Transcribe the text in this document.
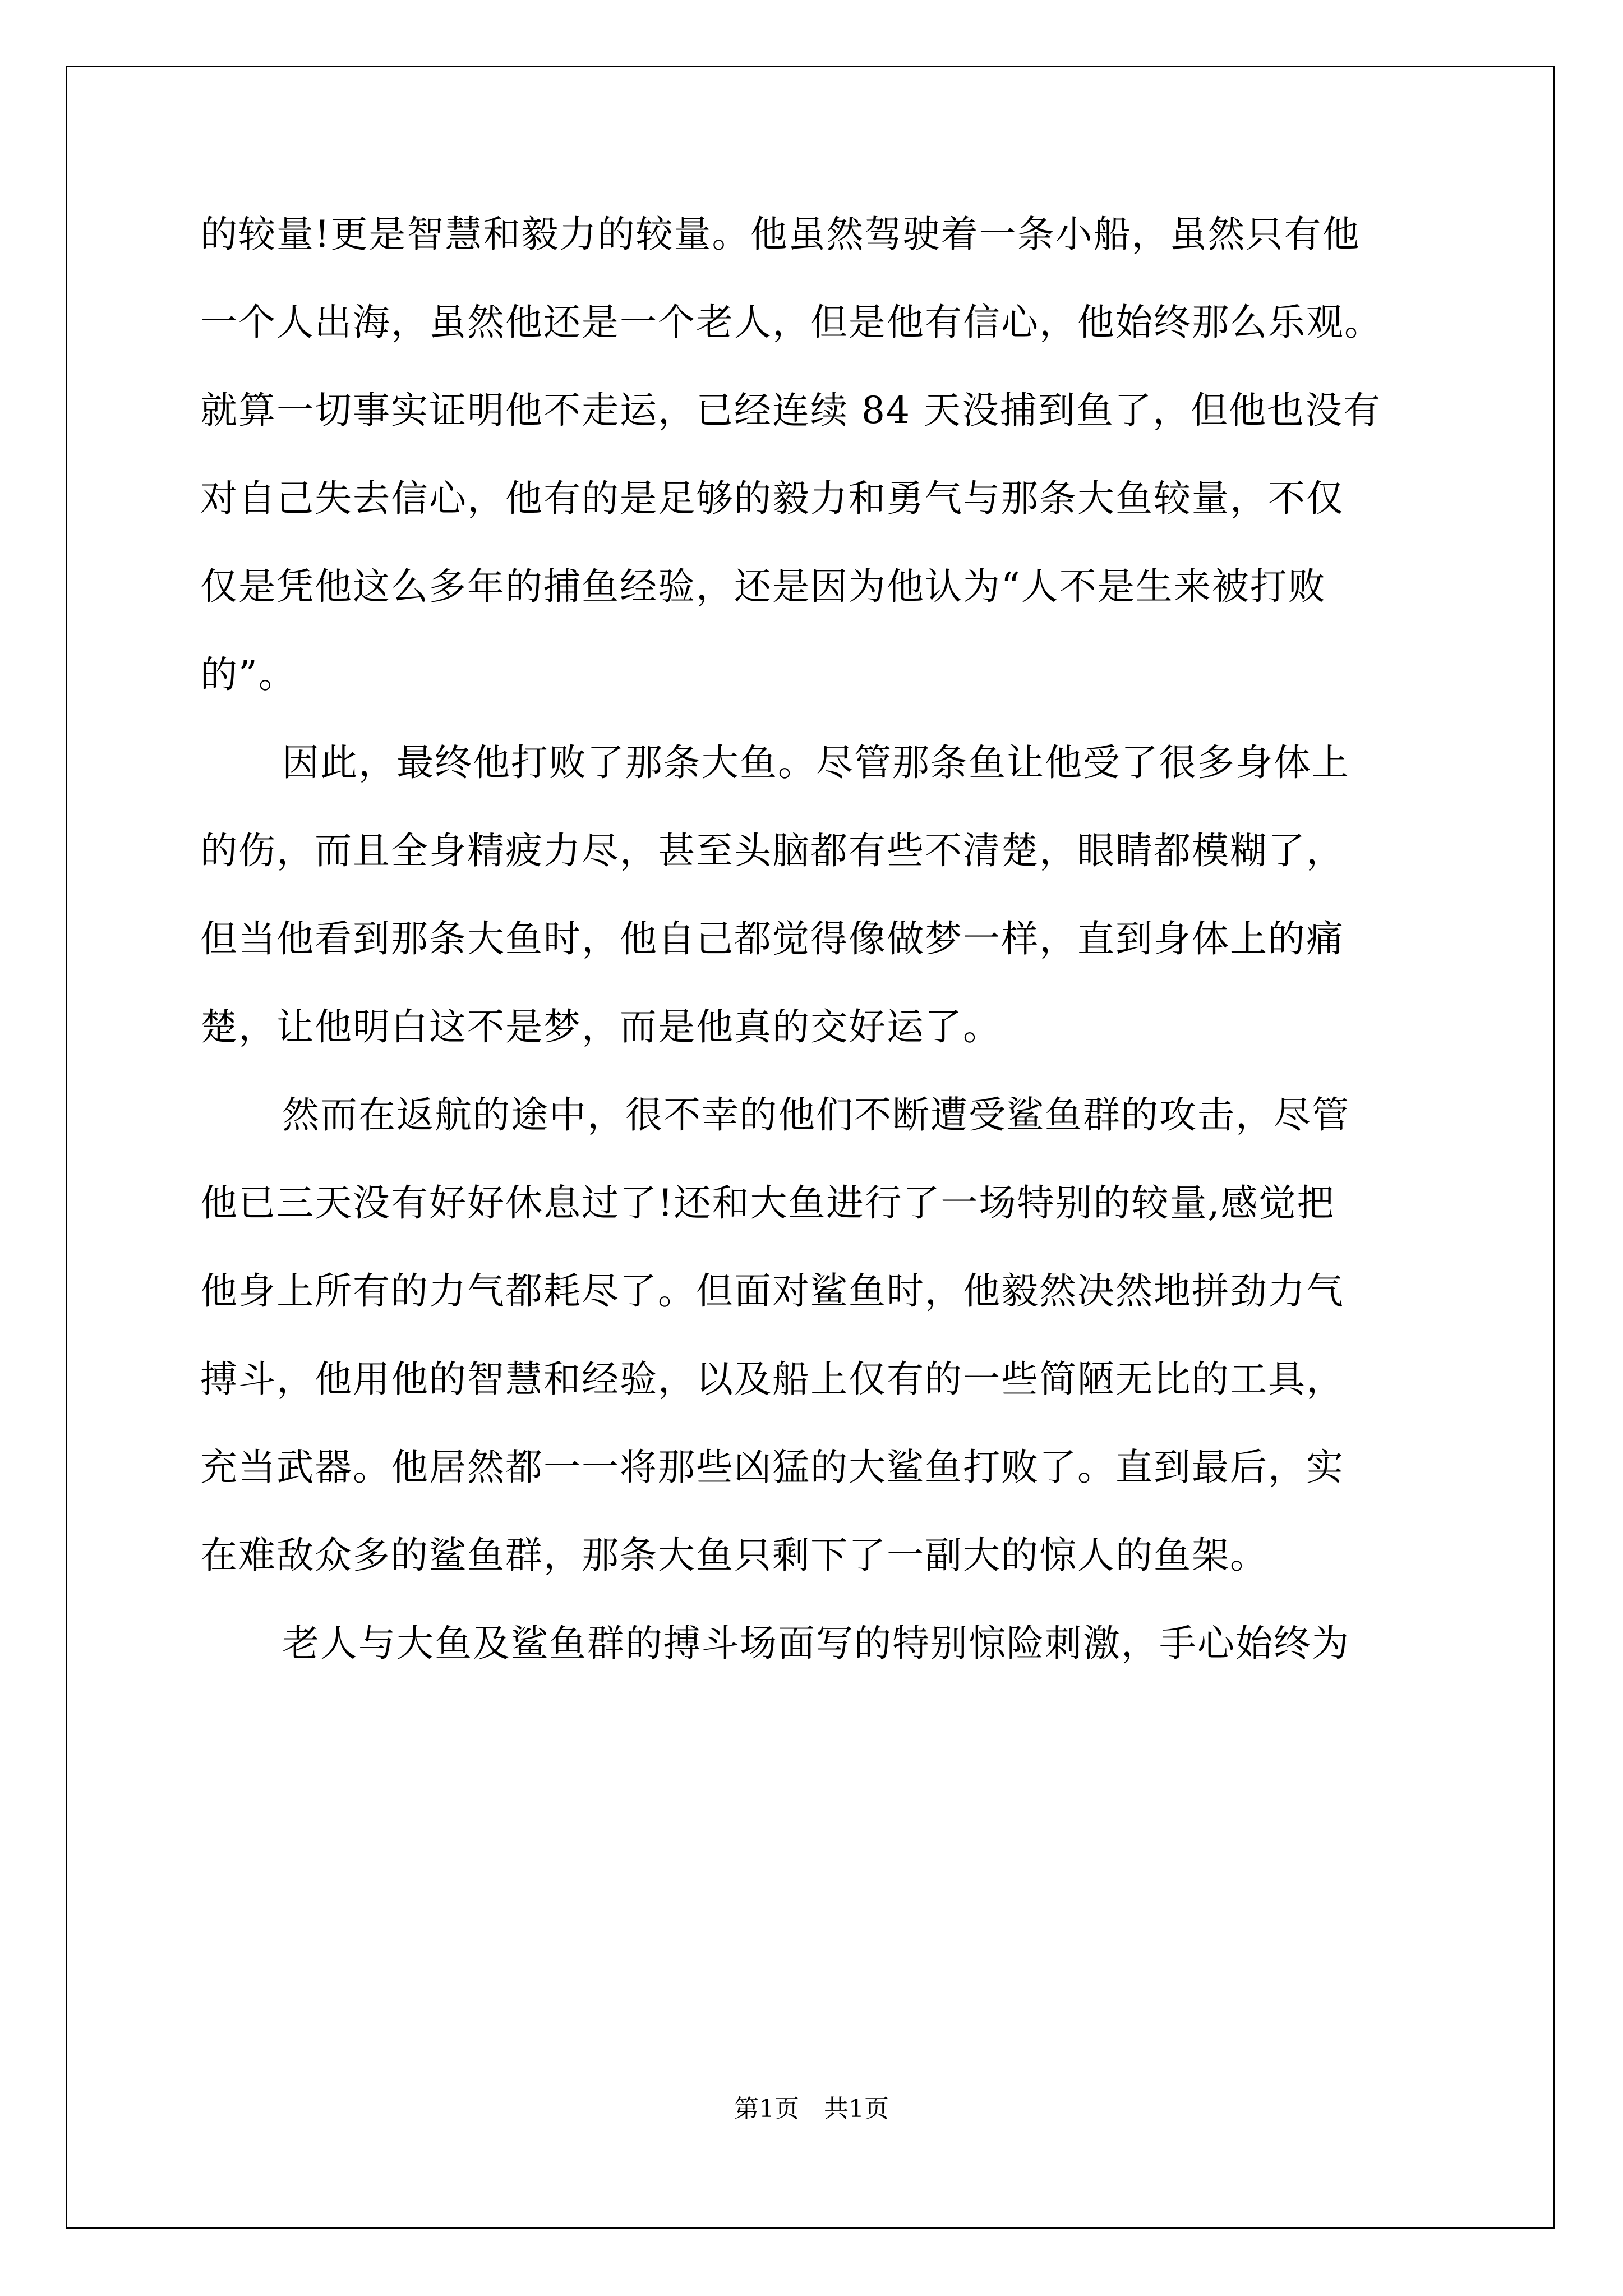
的较量!更是智慧和毅力的较量。他虽然驾驶着一条小船，虽然只有他
一个人出海，虽然他还是一个老人，但是他有信心，他始终那么乐观。
就算一切事实证明他不走运，已经连续 84 天没捕到鱼了，但他也没有
对自己失去信心，他有的是足够的毅力和勇气与那条大鱼较量，不仅
仅是凭他这么多年的捕鱼经验，还是因为他认为“人不是生来被打败
的”。
因此，最终他打败了那条大鱼。尽管那条鱼让他受了很多身体上
的伤，而且全身精疲力尽，甚至头脑都有些不清楚，眼睛都模糊了，
但当他看到那条大鱼时，他自己都觉得像做梦一样，直到身体上的痛
楚，让他明白这不是梦，而是他真的交好运了。
然而在返航的途中，很不幸的他们不断遭受鲨鱼群的攻击，尽管
他已三天没有好好休息过了!还和大鱼进行了一场特别的较量,感觉把
他身上所有的力气都耗尽了。但面对鲨鱼时，他毅然决然地拼劲力气
搏斗，他用他的智慧和经验，以及船上仅有的一些简陋无比的工具，
充当武器。他居然都一一将那些凶猛的大鲨鱼打败了。直到最后，实
在难敌众多的鲨鱼群，那条大鱼只剩下了一副大的惊人的鱼架。
老人与大鱼及鲨鱼群的搏斗场面写的特别惊险刺激，手心始终为
第1页　共1页
